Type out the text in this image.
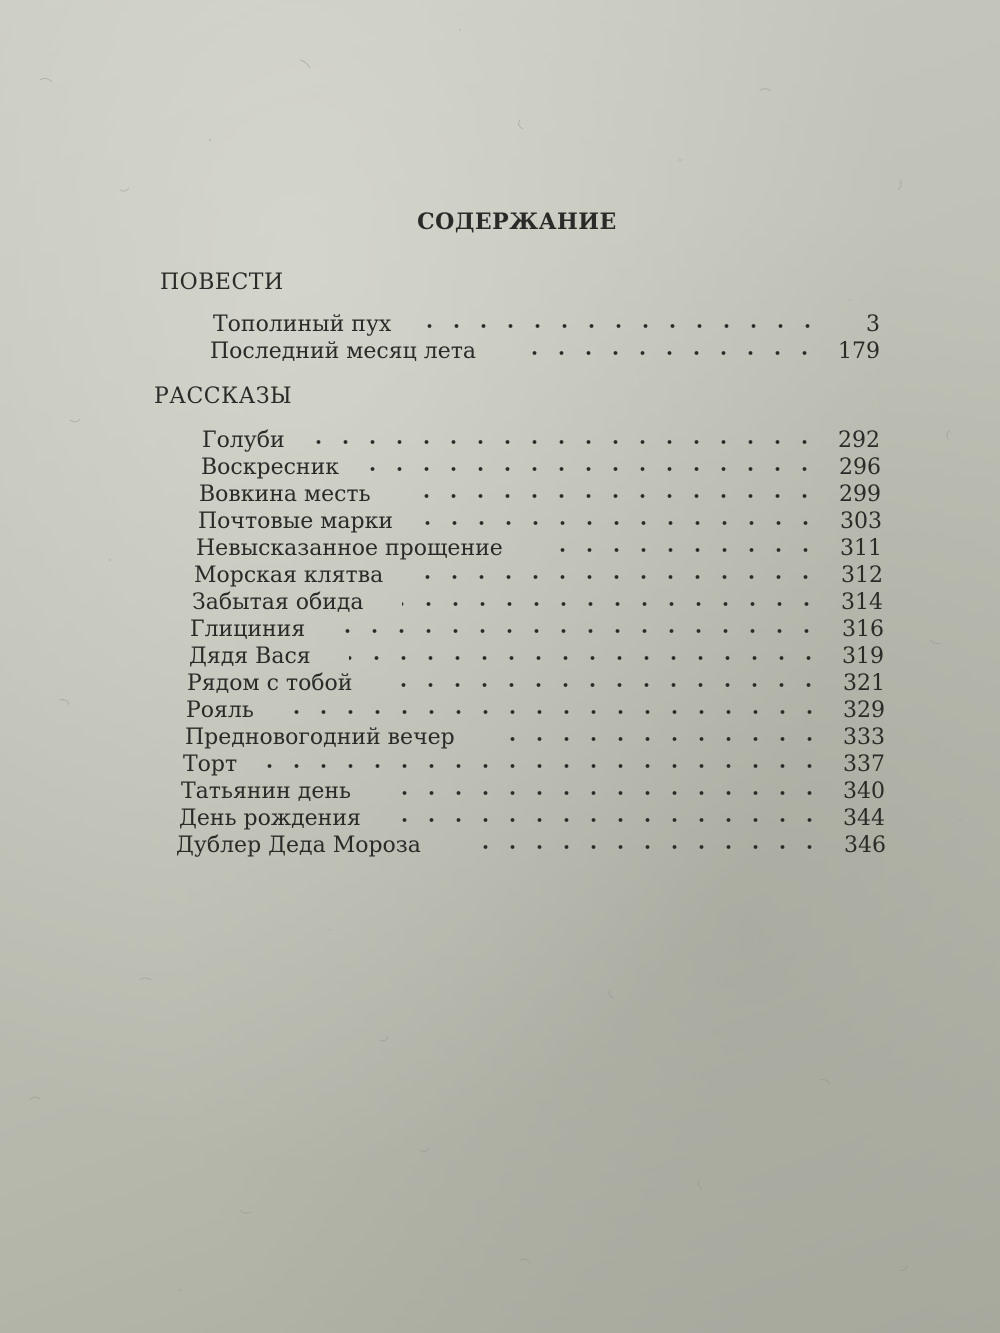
СОДЕРЖАНИЕ
ПОВЕСТИ
Тополиный пух	3
Последний месяц лета	179
РАССКАЗЫ
Голуби	292
Воскресник	296
Вовкина месть	299
Почтовые марки	303
Невысказанное прощение	311
Морская клятва	312
Забытая обида	314
Глициния	316
Дядя Вася	319
Рядом с тобой	321
Рояль	329
Предновогодний вечер	333
Торт	337
Татьянин день	340
День рождения	344
Дублер Деда Мороза	346
